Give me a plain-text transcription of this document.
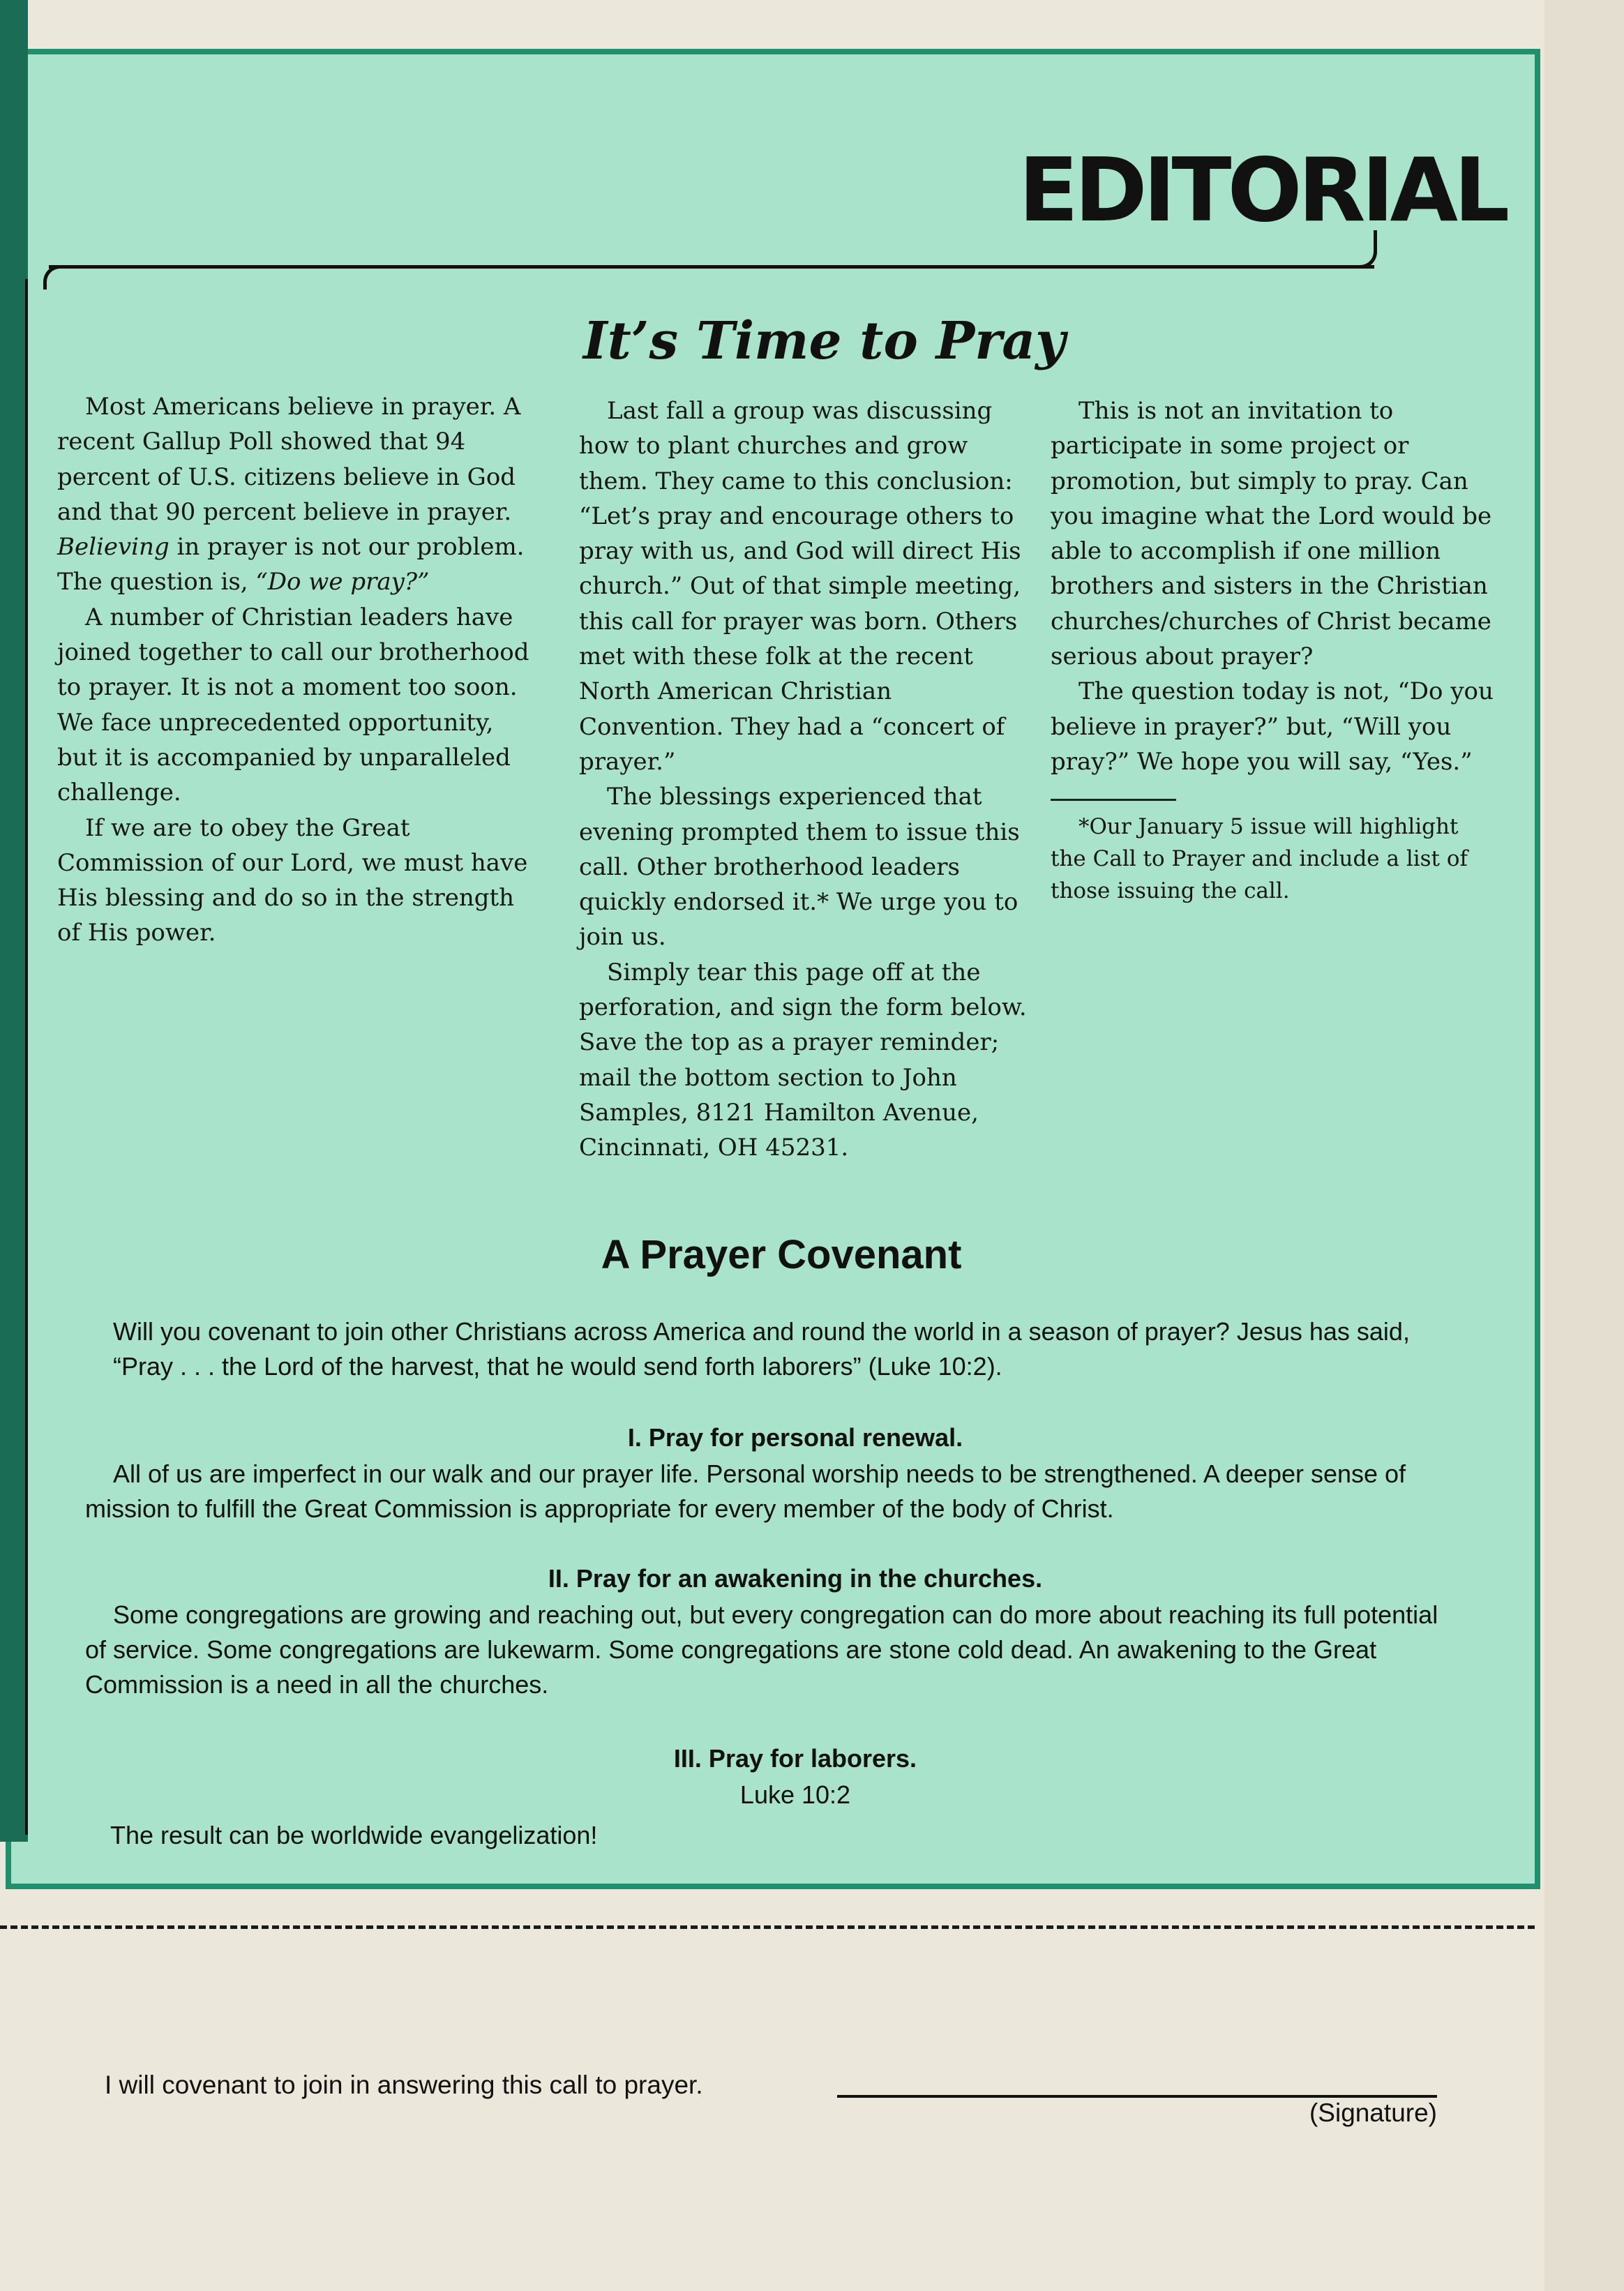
EDITORIAL
It’s Time to Pray

Most Americans believe in prayer. A recent Gallup Poll showed that 94 percent of U.S. citizens believe in God and that 90 percent believe in prayer. Believing in prayer is not our problem. The question is, “Do we pray?”

A number of Christian leaders have joined together to call our brotherhood to prayer. It is not a moment too soon. We face unprecedented opportunity, but it is accompanied by unparalleled challenge.

If we are to obey the Great Commission of our Lord, we must have His blessing and do so in the strength of His power.

Last fall a group was discussing how to plant churches and grow them. They came to this conclusion: “Let’s pray and encourage others to pray with us, and God will direct His church.” Out of that simple meeting, this call for prayer was born. Others met with these folk at the recent North American Christian Convention. They had a “concert of prayer.”

The blessings experienced that evening prompted them to issue this call. Other brotherhood leaders quickly endorsed it.* We urge you to join us.

Simply tear this page off at the perforation, and sign the form below. Save the top as a prayer reminder; mail the bottom section to John Samples, 8121 Hamilton Avenue, Cincinnati, OH 45231.

This is not an invitation to participate in some project or promotion, but simply to pray. Can you imagine what the Lord would be able to accomplish if one million brothers and sisters in the Christian churches/churches of Christ became serious about prayer?

The question today is not, “Do you believe in prayer?” but, “Will you pray?” We hope you will say, “Yes.”

*Our January 5 issue will highlight the Call to Prayer and include a list of those issuing the call.

A Prayer Covenant
Will you covenant to join other Christians across America and round the world in a season of prayer? Jesus has said, “Pray . . . the Lord of the harvest, that he would send forth laborers” (Luke 10:2).
I. Pray for personal renewal.
All of us are imperfect in our walk and our prayer life. Personal worship needs to be strengthened. A deeper sense of mission to fulfill the Great Commission is appropriate for every member of the body of Christ.
II. Pray for an awakening in the churches.
Some congregations are growing and reaching out, but every congregation can do more about reaching its full potential of service. Some congregations are lukewarm. Some congregations are stone cold dead. An awakening to the Great Commission is a need in all the churches.
III. Pray for laborers.
Luke 10:2
The result can be worldwide evangelization!
I will covenant to join in answering this call to prayer.
(Signature)
